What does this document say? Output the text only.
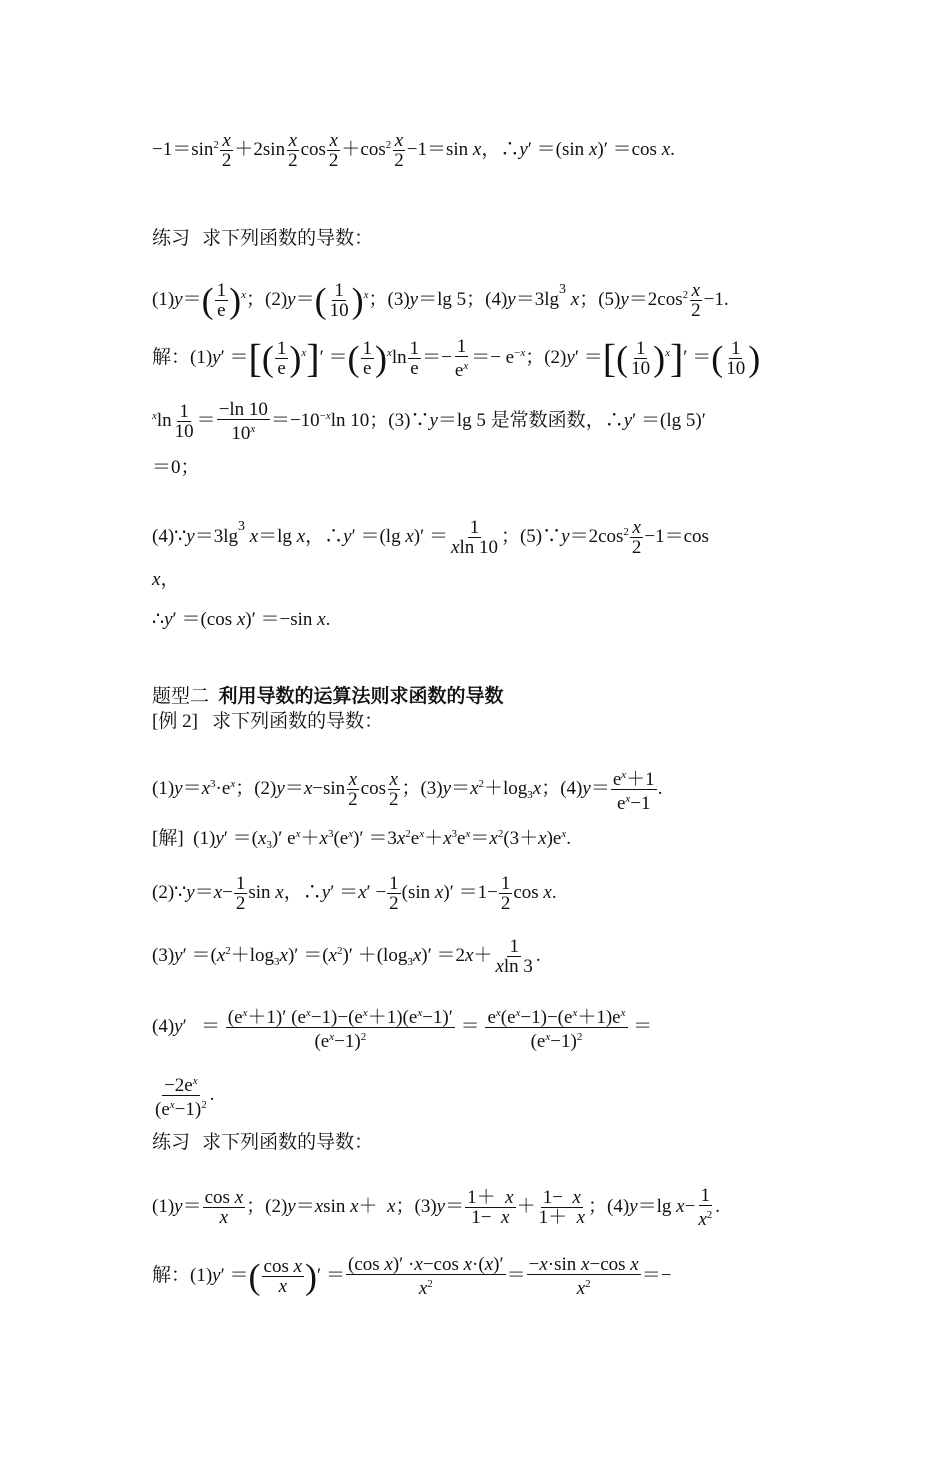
$-1=\sin^2 \frac{x}{2} +2\sin \frac{x}{2}$ $\cos \frac{x}{2} +\cos^2 \frac{x}{2} -1=\sin$ x，∴y′ ＝(sin x)′ ＝cos x.
练习  求下列函数的导数：
$(1)y=( \frac{1}{e} )^x$；$(2)y=( \frac{1}{10} )^x$；(3)y＝lg 5；$(4)y=3\lg^3$ x；$(5)y=2\cos^2 \frac{x}{2} -1$.
解：(1)y′ ＝[( $\frac{1}{e} )^x]'$ ＝( $\frac{1}{e} )^x\ln \frac{1}{e} =- \frac{1}{e^x} =- e^{-x}$；(2)y′ ＝[( $\frac{1}{10} )^x]'$ ＝( $\frac{1}{10}$ )
$^x\ln \frac{1}{10} = \frac{-\ln 10}{10^x} =-10^{-x}\ln$ 10；(3)∵y＝lg 5 是常数函数，∴y′ ＝(lg 5)′
＝0；
$(4)\because y=3\lg^3$ x＝lg x，∴y′ ＝(lg $x)' = \frac{1}{xln 10}$ ；$(5)\because y=2\cos^2 \frac{x}{2} -1=\cos$
x，
∴y′ ＝(cos x)′ ＝−sin x.
题型二 利用导数的运算法则求函数的导数
[例 2] 求下列函数的导数：
$(1)y=x^3\cdot e^x$；$(2)y=x-\sin \frac{x}{2}$ $\cos \frac{x}{2}$ ；$(3)y=x^2+\log_3x$；$(4)y= \frac{e^x+1}{e^x-1}$ .
[解]  $(1)y' =(x_3)'$ $e^x+x^3(e^x)' =3x^2e^x+x^3e^x=x^2(3+x)e^x$.
(2)∵y＝x− $\frac{1}{2}$ sin x，∴y′ $=x' - \frac{1}{2} (\sin$ $x)' =1- \frac{1}{2}$ cos x.
$(3)y' =(x^2+\log_3x)' =(x^2)' +(\log_3x)' =2x+ \frac{1}{xln 3}$ .
$(4)y' = \frac{(e^x+1)' (e^x-1)-(e^x+1)(e^x-1)'}{(e^x-1)^2} = \frac{e^x(e^x-1)-(e^x+1)e^x}{(e^x-1)^2}$ ＝
$\frac{-2e^x}{(e^x-1)^2}$ .
练习  求下列函数的导数：
$(1)y= \frac{\text{cos x}}{x}$ ；(2)y＝xsin x＋  x；$(3)y= \frac{1+ x}{1- x} + \frac{1- x}{1+ x}$ ；(4)y＝lg $x- \frac{1}{x^2}$ .
解：(1)y′ ＝( $\frac{\text{cos x}}{x}$ )′ ＝ $\frac{\text{(cos x)′ ·x−cos x·(x)′}}{x^2} = \frac{\text{−x·sin x−cos x}}{x^2}$ ＝−
